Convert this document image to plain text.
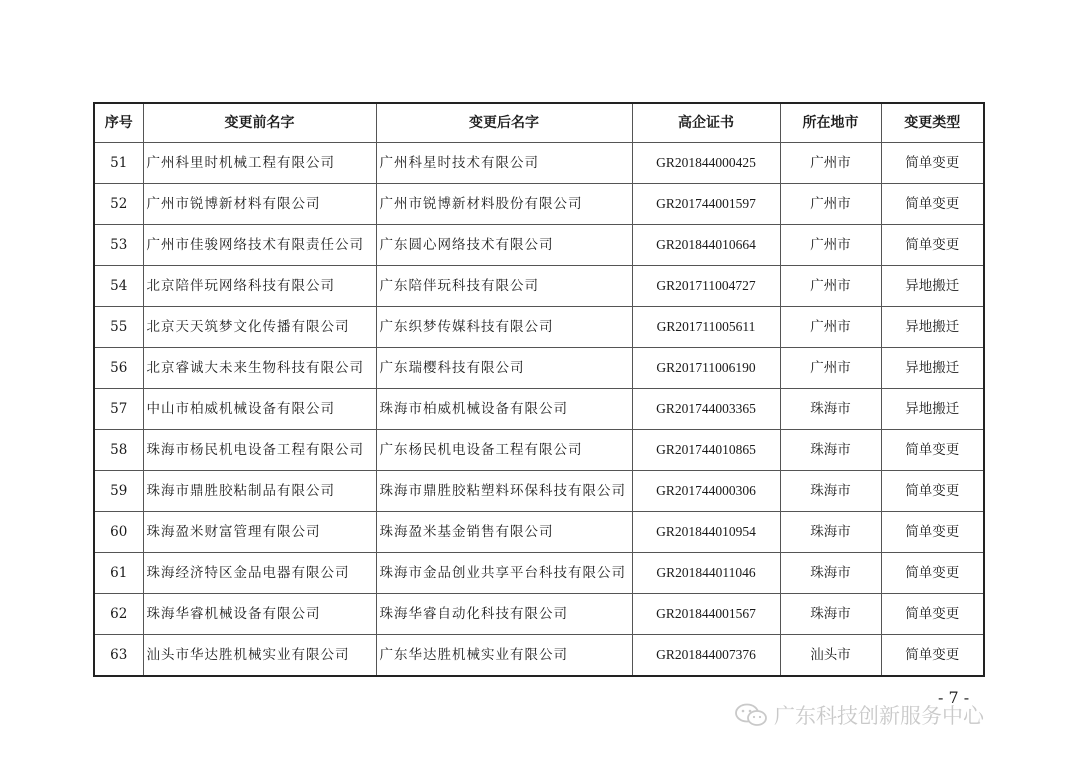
序号	变更前名字	变更后名字	高企证书	所在地市	变更类型
51	广州科里时机械工程有限公司	广州科星时技术有限公司	GR201844000425	广州市	简单变更
52	广州市锐博新材料有限公司	广州市锐博新材料股份有限公司	GR201744001597	广州市	简单变更
53	广州市佳骏网络技术有限责任公司	广东圆心网络技术有限公司	GR201844010664	广州市	简单变更
54	北京陪伴玩网络科技有限公司	广东陪伴玩科技有限公司	GR201711004727	广州市	异地搬迁
55	北京天天筑梦文化传播有限公司	广东织梦传媒科技有限公司	GR201711005611	广州市	异地搬迁
56	北京睿诚大未来生物科技有限公司	广东瑞樱科技有限公司	GR201711006190	广州市	异地搬迁
57	中山市柏威机械设备有限公司	珠海市柏威机械设备有限公司	GR201744003365	珠海市	异地搬迁
58	珠海市杨民机电设备工程有限公司	广东杨民机电设备工程有限公司	GR201744010865	珠海市	简单变更
59	珠海市鼎胜胶粘制品有限公司	珠海市鼎胜胶粘塑料环保科技有限公司	GR201744000306	珠海市	简单变更
60	珠海盈米财富管理有限公司	珠海盈米基金销售有限公司	GR201844010954	珠海市	简单变更
61	珠海经济特区金品电器有限公司	珠海市金品创业共享平台科技有限公司	GR201844011046	珠海市	简单变更
62	珠海华睿机械设备有限公司	珠海华睿自动化科技有限公司	GR201844001567	珠海市	简单变更
63	汕头市华达胜机械实业有限公司	广东华达胜机械实业有限公司	GR201844007376	汕头市	简单变更
- 7 -
广东科技创新服务中心
